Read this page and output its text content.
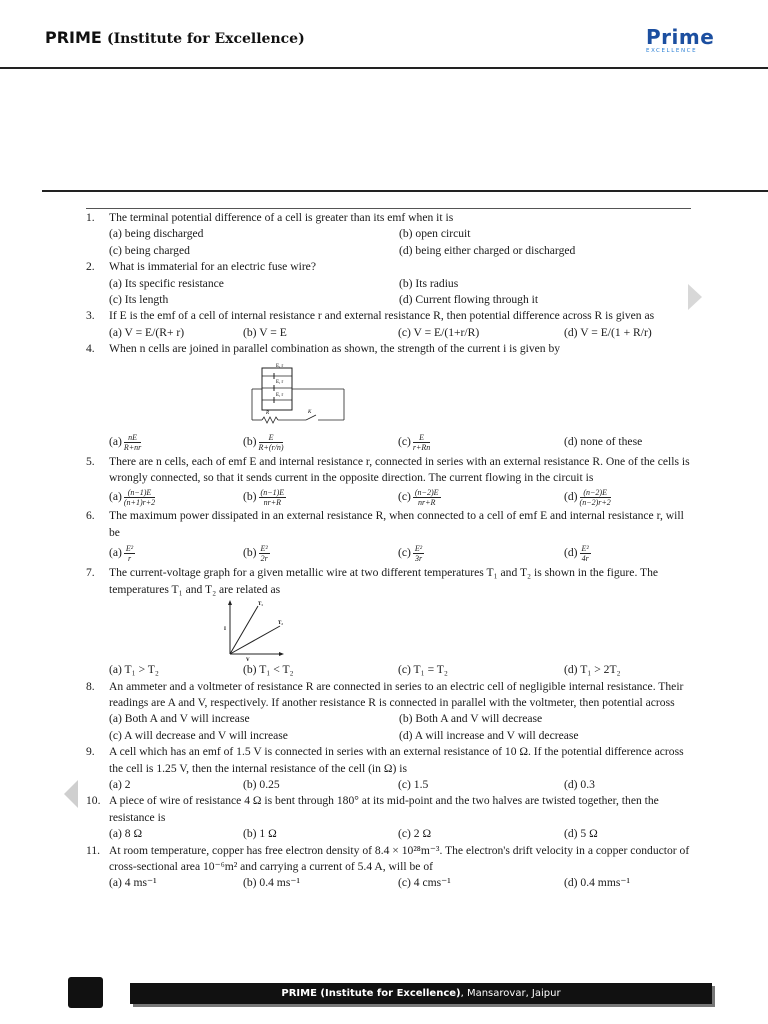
PRIME (Institute for Excellence)	Prime
EXCELLENCE
1. The terminal potential difference of a cell is greater than its emf when it is
(a) being discharged	(b) open circuit
(c) being charged	(d) being either charged or discharged
2. What is immaterial for an electric fuse wire?
(a) Its specific resistance	(b) Its radius
(c) Its length	(d) Current flowing through it
3. If E is the emf of a cell of internal resistance r and external resistance R, then potential difference across R is given as
(a) V = E/(R+ r)	(b) V = E	(c) V = E/(1+r/R)	(d) V = E/(1 + R/r)
4. When n cells are joined in parallel combination as shown, the strength of the current i is given by
E, r
E, r
E, r
R	K
$(a) \frac{nE}{R+nr}$	$(b) \frac{E}{R+(r/n)}$	$(c) \frac{E}{r+Rn}$	(d) none of these
5. There are n cells, each of emf E and internal resistance r, connected in series with an external resistance R. One of the cells is wrongly connected, so that it sends current in the opposite direction. The current flowing in the circuit is
$(a) \frac{(n-1)E}{(n+1)r+2}$	$(b) \frac{(n-1)E}{nr+R}$	$(c) \frac{(n-2)E}{nr+R}$	$(d) \frac{(n-2)E}{(n-2)r+2}$
6. The maximum power dissipated in an external resistance R, when connected to a cell of emf E and internal resistance r, will be
$(a) \frac{\text{E²}}{r}$	$(b) \frac{\text{E²}}{2r}$	$(c) \frac{\text{E²}}{3r}$	$(d) \frac{\text{E²}}{4r}$
7. The current-voltage graph for a given metallic wire at two different temperatures T₁ and T₂ is shown in the figure. The temperatures T₁ and T₂ are related as
T₁
T₂
I
V
(a) T₁ > T₂	(b) T₁ < T₂	(c) T₁ = T₂	(d) T₁ > 2T₂
8. An ammeter and a voltmeter of resistance R are connected in series to an electric cell of negligible internal resistance. Their readings are A and V, respectively. If another resistance R is connected in parallel with the voltmeter, then potential across
(a) Both A and V will increase	(b) Both A and V will decrease
(c) A will decrease and V will increase	(d) A will increase and V will decrease
9. A cell which has an emf of 1.5 V is connected in series with an external resistance of 10 Ω. If the potential difference across the cell is 1.25 V, then the internal resistance of the cell (in Ω) is
(a) 2	(b) 0.25	(c) 1.5	(d) 0.3
10. A piece of wire of resistance 4 Ω is bent through 180° at its mid-point and the two halves are twisted together, then the resistance is
(a) 8 Ω	(b) 1 Ω	(c) 2 Ω	(d) 5 Ω
11. At room temperature, copper has free electron density of 8.4 × 10²⁸m⁻³. The electron's drift velocity in a copper conductor of cross-sectional area 10⁻⁶m² and carrying a current of 5.4 A, will be of
(a) 4 ms⁻¹	(b) 0.4 ms⁻¹	(c) 4 cms⁻¹	(d) 0.4 mms⁻¹
PRIME (Institute for Excellence), Mansarovar, Jaipur
